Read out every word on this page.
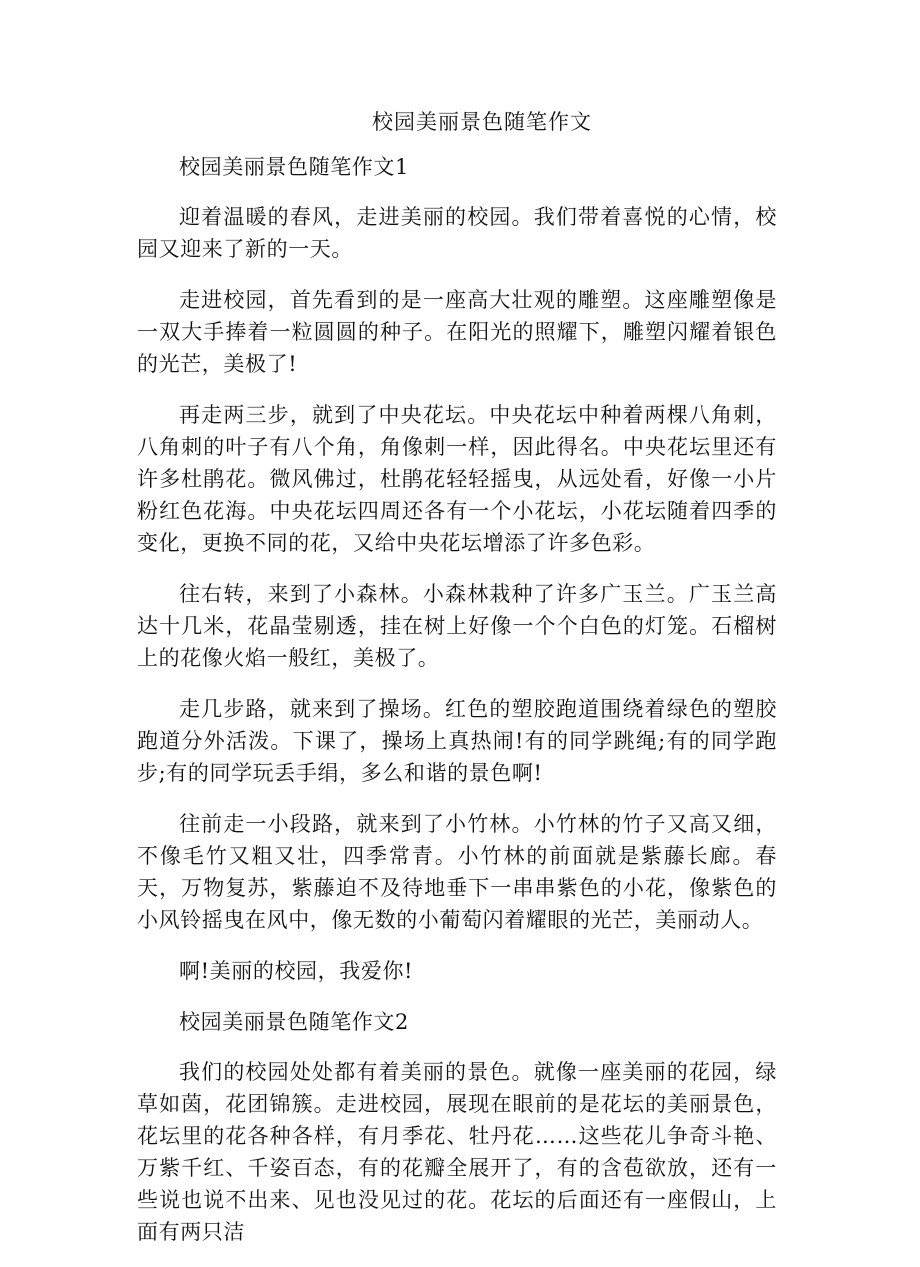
校园美丽景色随笔作文

校园美丽景色随笔作文1

迎着温暖的春风，走进美丽的校园。我们带着喜悦的心情，校园又迎来了新的一天。

走进校园，首先看到的是一座高大壮观的雕塑。这座雕塑像是一双大手捧着一粒圆圆的种子。在阳光的照耀下，雕塑闪耀着银色的光芒，美极了!

再走两三步，就到了中央花坛。中央花坛中种着两棵八角刺，八角刺的叶子有八个角，角像刺一样，因此得名。中央花坛里还有许多杜鹃花。微风佛过，杜鹃花轻轻摇曳，从远处看，好像一小片粉红色花海。中央花坛四周还各有一个小花坛，小花坛随着四季的变化，更换不同的花，又给中央花坛增添了许多色彩。

往右转，来到了小森林。小森林栽种了许多广玉兰。广玉兰高达十几米，花晶莹剔透，挂在树上好像一个个白色的灯笼。石榴树上的花像火焰一般红，美极了。

走几步路，就来到了操场。红色的塑胶跑道围绕着绿色的塑胶跑道分外活泼。下课了，操场上真热闹!有的同学跳绳;有的同学跑步;有的同学玩丢手绢，多么和谐的景色啊!

往前走一小段路，就来到了小竹林。小竹林的竹子又高又细，不像毛竹又粗又壮，四季常青。小竹林的前面就是紫藤长廊。春天，万物复苏，紫藤迫不及待地垂下一串串紫色的小花，像紫色的小风铃摇曳在风中，像无数的小葡萄闪着耀眼的光芒，美丽动人。

啊!美丽的校园，我爱你!

校园美丽景色随笔作文2

我们的校园处处都有着美丽的景色。就像一座美丽的花园，绿草如茵，花团锦簇。走进校园，展现在眼前的是花坛的美丽景色，花坛里的花各种各样，有月季花、牡丹花……这些花儿争奇斗艳、万紫千红、千姿百态，有的花瓣全展开了，有的含苞欲放，还有一些说也说不出来、见也没见过的花。花坛的后面还有一座假山，上面有两只洁
